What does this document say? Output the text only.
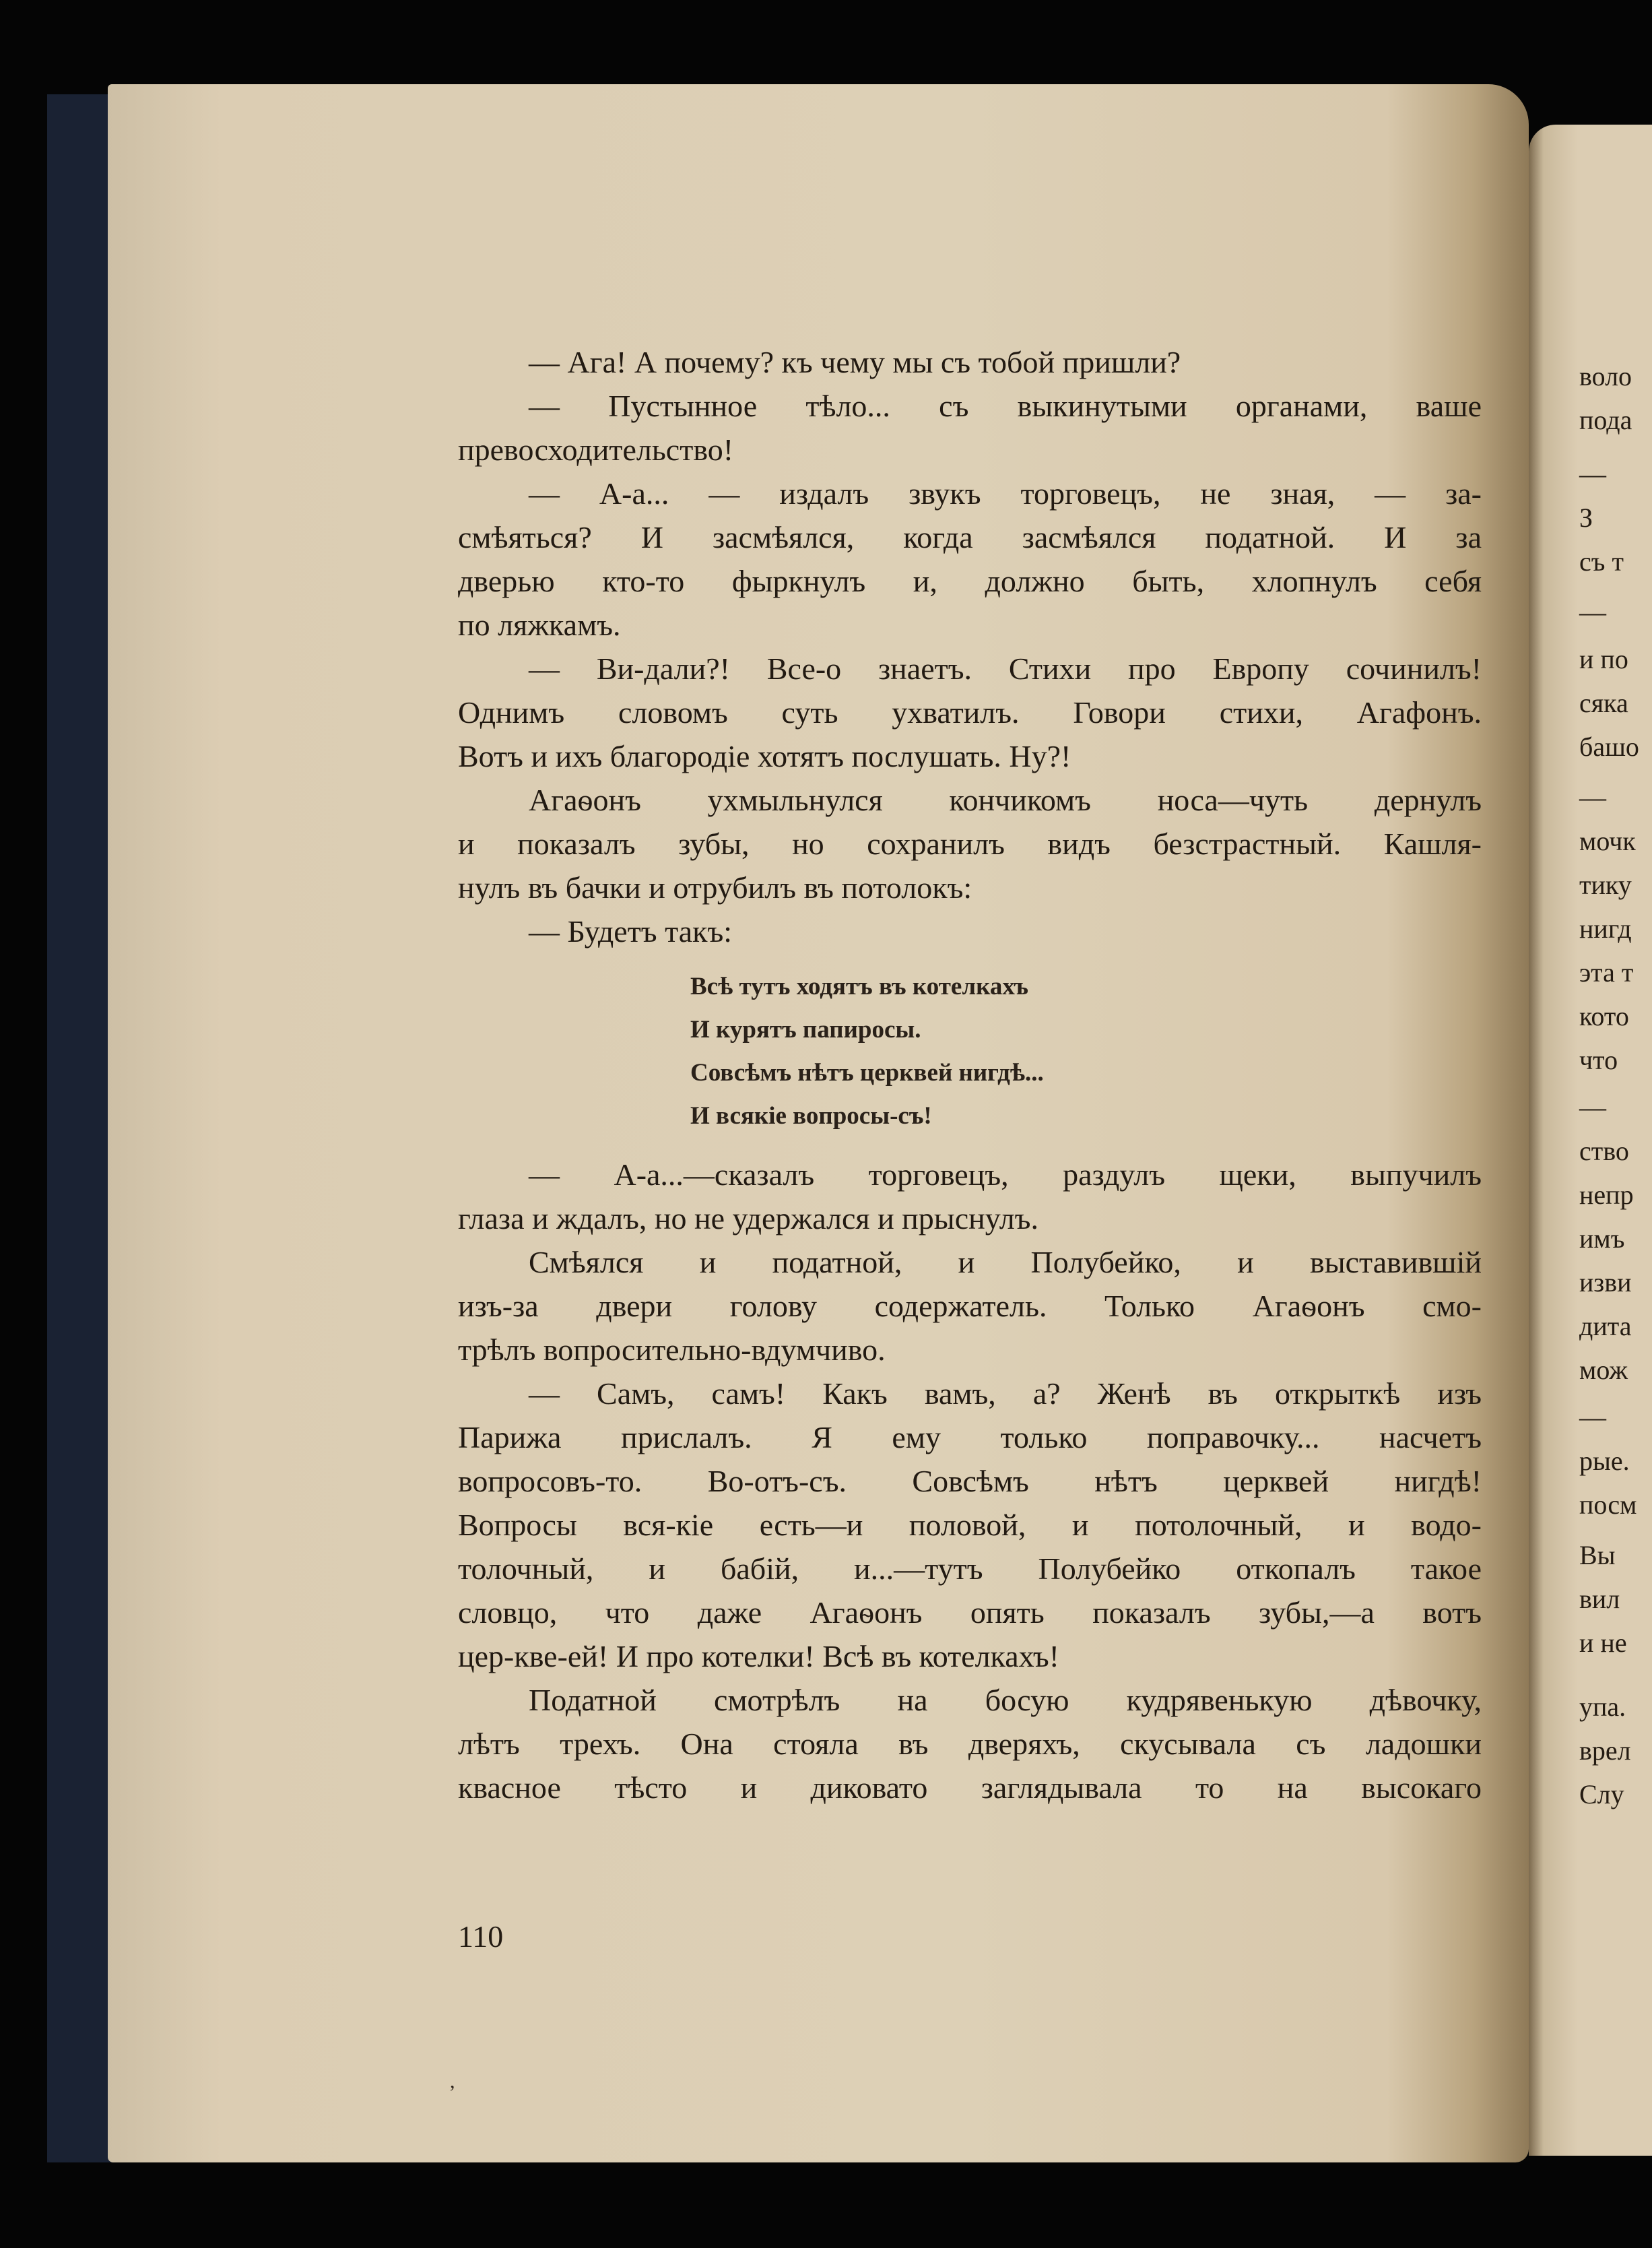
— Ага! А почему? къ чему мы съ тобой пришли?
— Пустынное тѣло... съ выкинутыми органами, ваше
превосходительство!
— А-а... — издалъ звукъ торговецъ, не зная, — за-
смѣяться? И засмѣялся, когда засмѣялся податной. И за
дверью кто-то фыркнулъ и, должно быть, хлопнулъ себя
по ляжкамъ.
— Ви-дали?! Все-о знаетъ. Стихи про Европу сочинилъ!
Однимъ словомъ суть ухватилъ. Говори стихи, Агафонъ.
Вотъ и ихъ благородіе хотятъ послушать. Ну?!
Агаѳонъ ухмыльнулся кончикомъ носа—чуть дернулъ
и показалъ зубы, но сохранилъ видъ безстрастный. Кашля-
нулъ въ бачки и отрубилъ въ потолокъ:
— Будетъ такъ:
Всѣ тутъ ходятъ въ котелкахъ
И курятъ папиросы.
Совсѣмъ нѣтъ церквей нигдѣ...
И всякіе вопросы-съ!
— А-а...—сказалъ торговецъ, раздулъ щеки, выпучилъ
глаза и ждалъ, но не удержался и прыснулъ.
Смѣялся и податной, и Полубейко, и выставившій
изъ-за двери голову содержатель. Только Агаѳонъ смо-
трѣлъ вопросительно-вдумчиво.
— Самъ, самъ! Какъ вамъ, а? Женѣ въ открыткѣ изъ
Парижа прислалъ. Я ему только поправочку... насчетъ
вопросовъ-то. Во-отъ-съ. Совсѣмъ нѣтъ церквей нигдѣ!
Вопросы вся-кіе есть—и половой, и потолочный, и водо-
толочный, и бабій, и...—тутъ Полубейко откопалъ такое
словцо, что даже Агаѳонъ опять показалъ зубы,—а вотъ
цер-кве-ей! И про котелки! Всѣ въ котелкахъ!
Податной смотрѣлъ на босую кудрявенькую дѣвочку,
лѣтъ трехъ. Она стояла въ дверяхъ, скусывала съ ладошки
квасное тѣсто и диковато заглядывала то на высокаго
110
,
воло
пода
—
З
съ т
—
и по
сяка
башо
—
мочк
тику
нигд
эта т
кото
что
—
ство
непр
имъ
изви
дита
мож
—
рые.
посм
Вы
вил
и не
упа.
врел
Слу
